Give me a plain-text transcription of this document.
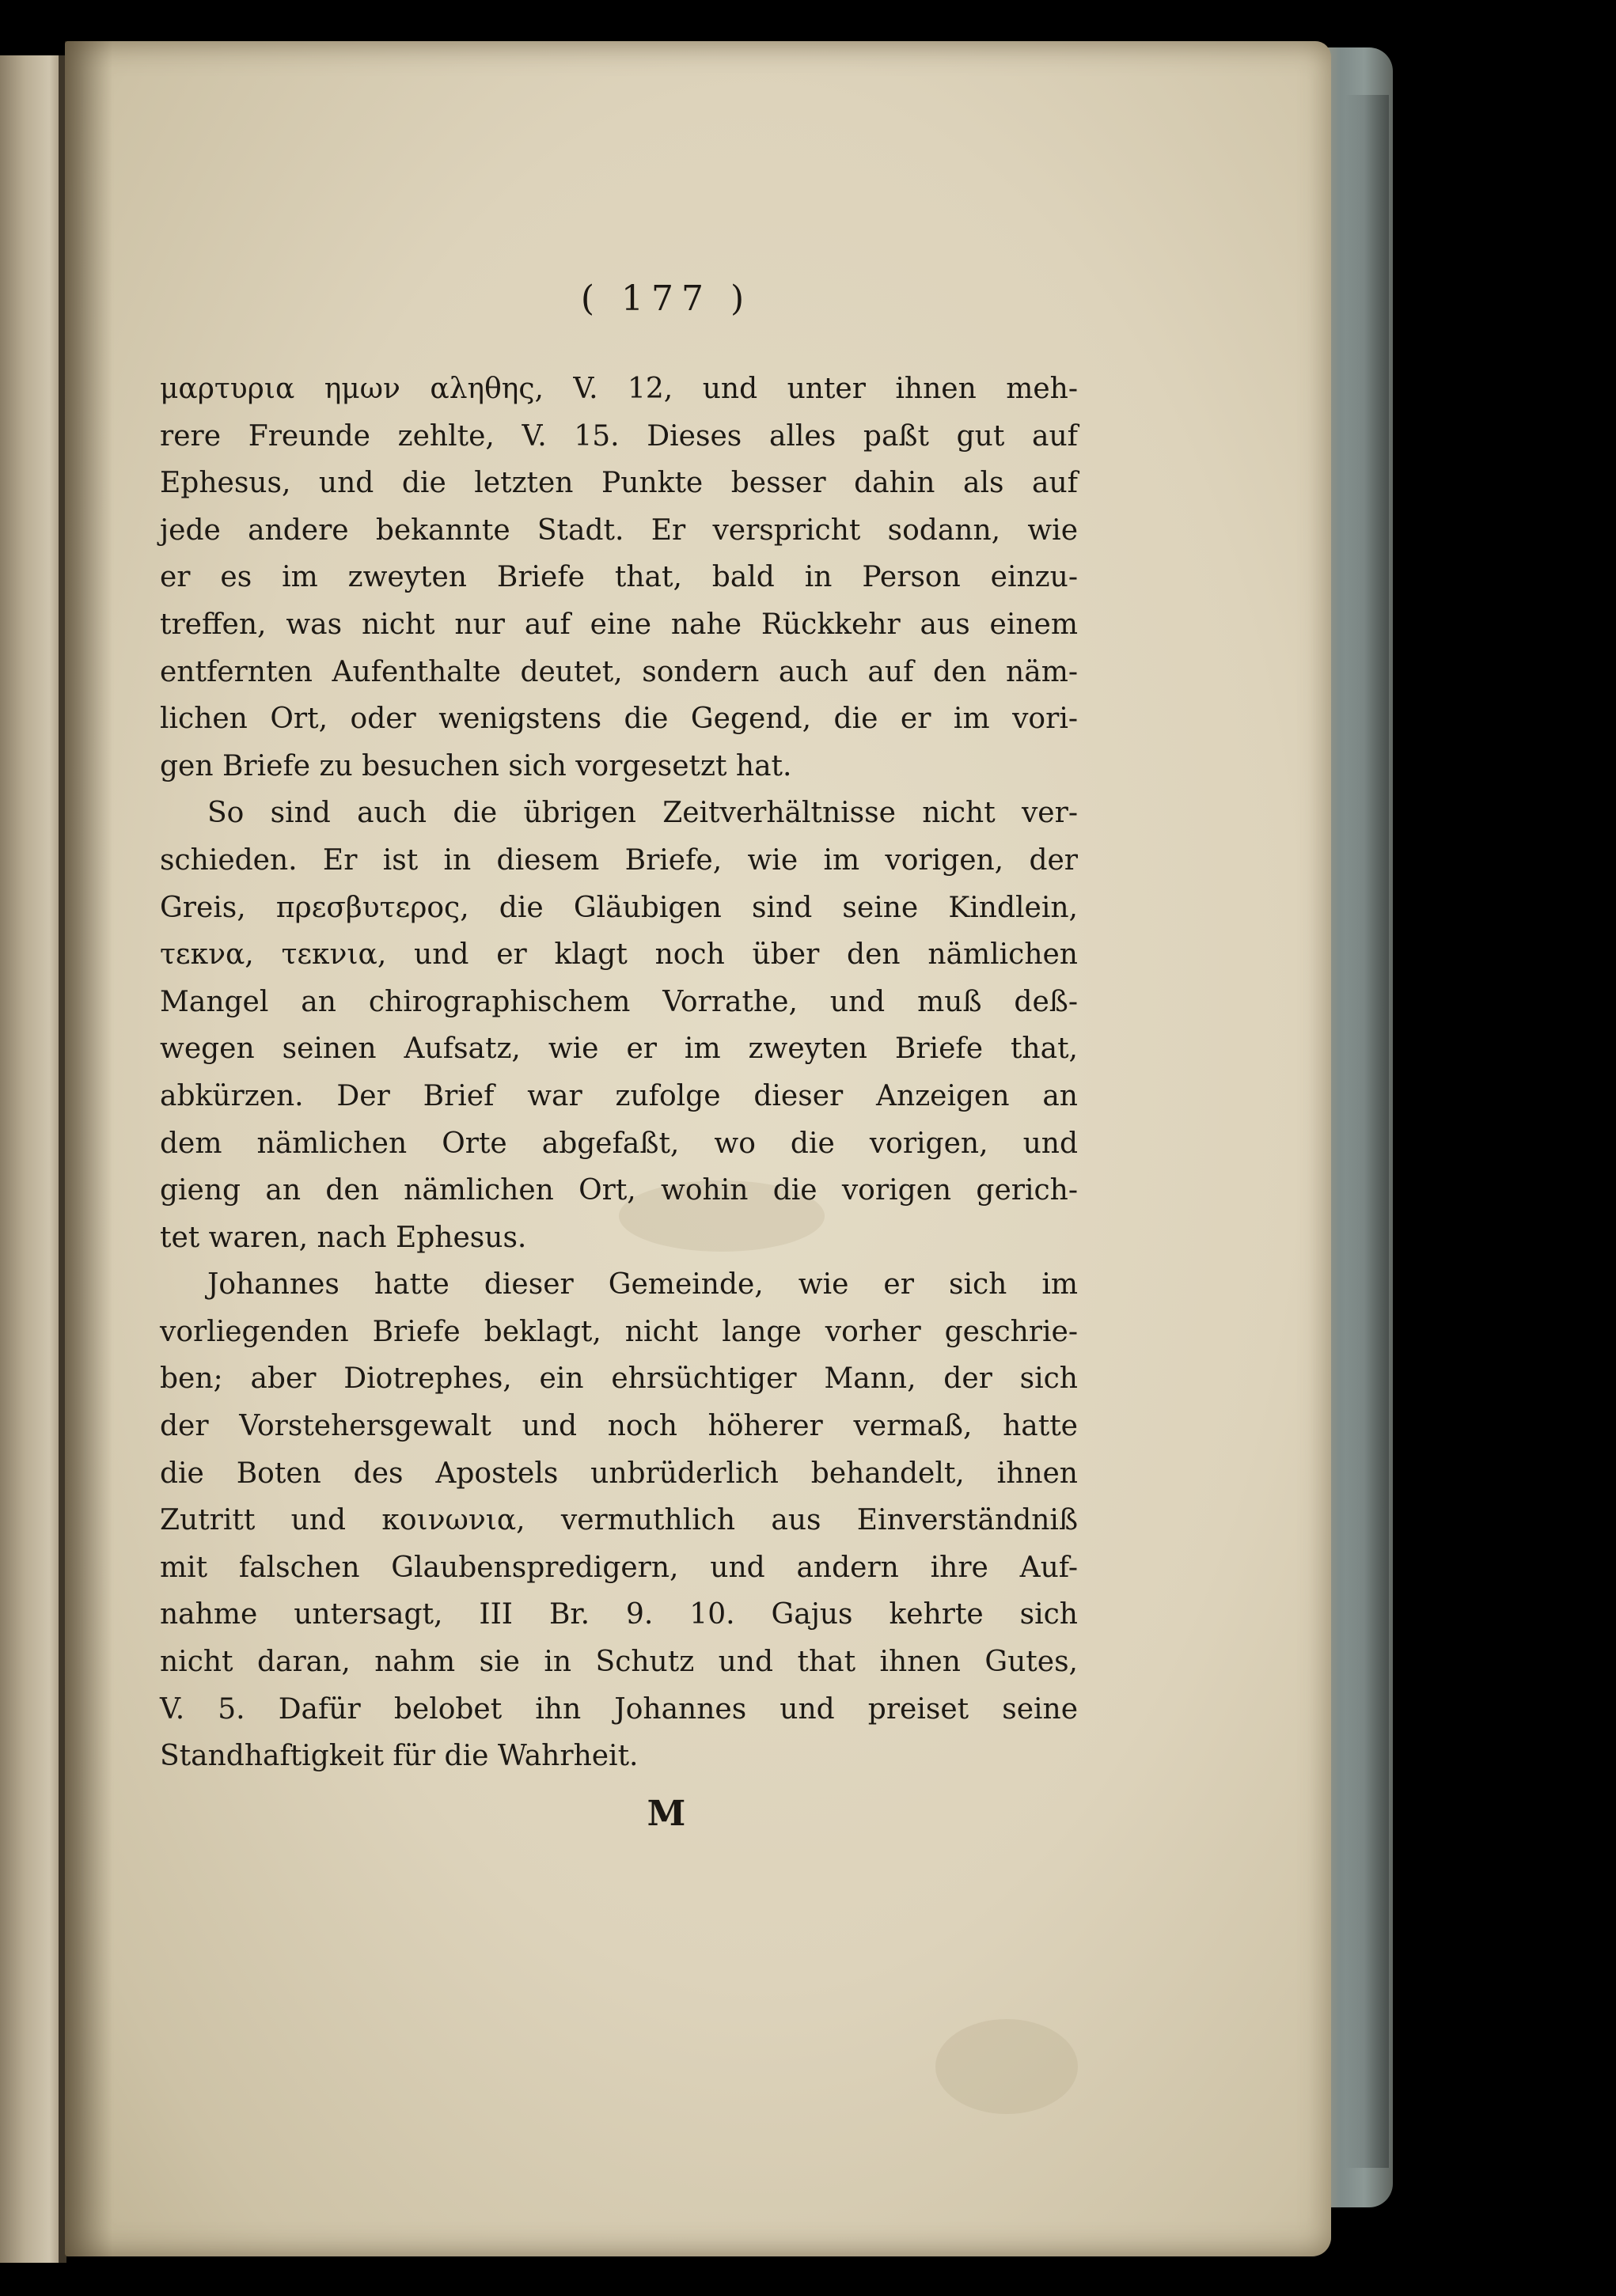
( 177 )
μαρτυρια ημων αληθης, V. 12, und unter ihnen meh-
rere Freunde zehlte, V. 15. Dieses alles paßt gut auf
Ephesus, und die letzten Punkte besser dahin als auf
jede andere bekannte Stadt. Er verspricht sodann, wie
er es im zweyten Briefe that, bald in Person einzu-
treffen, was nicht nur auf eine nahe Rückkehr aus einem
entfernten Aufenthalte deutet, sondern auch auf den näm-
lichen Ort, oder wenigstens die Gegend, die er im vori-
gen Briefe zu besuchen sich vorgesetzt hat.
So sind auch die übrigen Zeitverhältnisse nicht ver-
schieden. Er ist in diesem Briefe, wie im vorigen, der
Greis, πρεσβυτερος, die Gläubigen sind seine Kindlein,
τεκνα, τεκνια, und er klagt noch über den nämlichen
Mangel an chirographischem Vorrathe, und muß deß-
wegen seinen Aufsatz, wie er im zweyten Briefe that,
abkürzen. Der Brief war zufolge dieser Anzeigen an
dem nämlichen Orte abgefaßt, wo die vorigen, und
gieng an den nämlichen Ort, wohin die vorigen gerich-
tet waren, nach Ephesus.
Johannes hatte dieser Gemeinde, wie er sich im
vorliegenden Briefe beklagt, nicht lange vorher geschrie-
ben; aber Diotrephes, ein ehrsüchtiger Mann, der sich
der Vorstehersgewalt und noch höherer vermaß, hatte
die Boten des Apostels unbrüderlich behandelt, ihnen
Zutritt und κοινωνια, vermuthlich aus Einverständniß
mit falschen Glaubenspredigern, und andern ihre Auf-
nahme untersagt, III Br. 9. 10. Gajus kehrte sich
nicht daran, nahm sie in Schutz und that ihnen Gutes,
V. 5. Dafür belobet ihn Johannes und preiset seine
Standhaftigkeit für die Wahrheit.
M
